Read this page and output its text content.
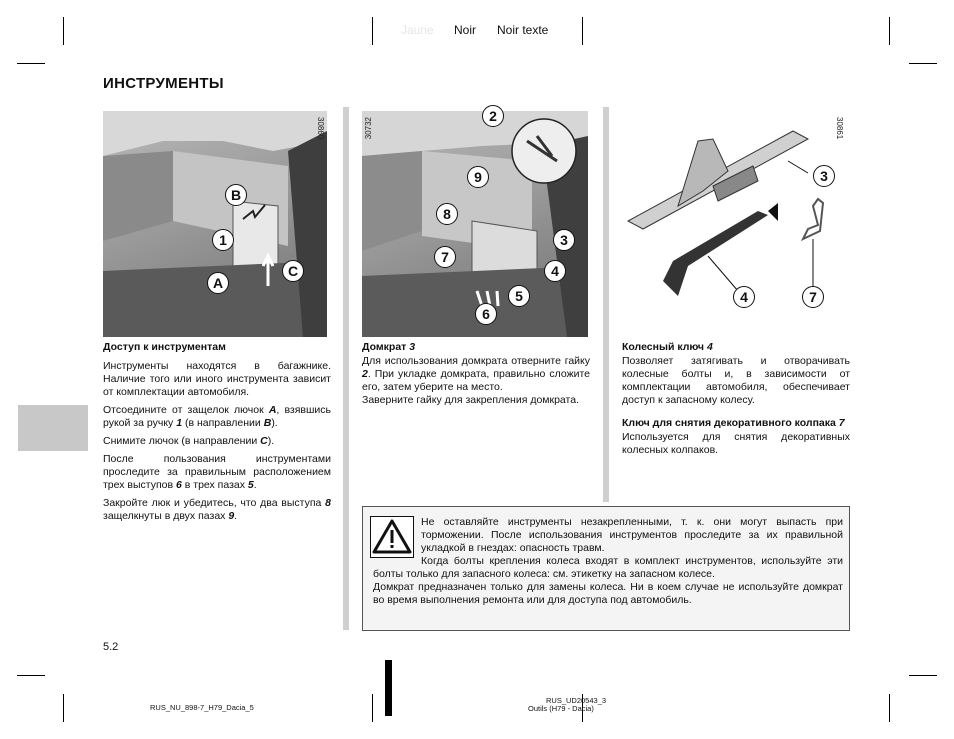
Jaune Noir Noir texte
ИНСТРУМЕНТЫ
30860
B
1
A
C
30732
2
9
8
3
7
4
5
6
30861
3
4	7
Доступ к инструментам

Инструменты находятся в багажнике. Наличие того или иного инструмента зависит от комплектации автомобиля.

Отсоедините от защелок лючок A, взявшись рукой за ручку 1 (в направлении B).

Снимите лючок (в направлении C).

После пользования инструментами проследите за правильным расположением трех выступов 6 в трех пазах 5.

Закройте люк и убедитесь, что два выступа 8 защелкнуты в двух пазах 9.

Домкрат 3

Для использования домкрата отверните гайку 2. При укладке домкрата, правильно сложите его, затем уберите на место.

Заверните гайку для закрепления домкрата.

Колесный ключ 4

Позволяет затягивать и отворачивать колесные болты и, в зависимости от комплектации автомобиля, обеспечивает доступ к запасному колесу.

Ключ для снятия декоративного колпака 7

Используется для снятия декоративных колесных колпаков.

Не оставляйте инструменты незакрепленными, т. к. они могут выпасть при торможении. После использования инструментов проследите за их правильной укладкой в гнездах: опасность травм.

Когда болты крепления колеса входят в комплект инструментов, используйте эти болты только для запасного колеса: см. этикетку на запасном колесе.

Домкрат предназначен только для замены колеса. Ни в коем случае не используйте домкрат во время выполнения ремонта или для доступа под автомобиль.

5.2
RUS_NU_898-7_H79_Dacia_5
RUS_UD20543_3
Outils (H79 - Dacia)
